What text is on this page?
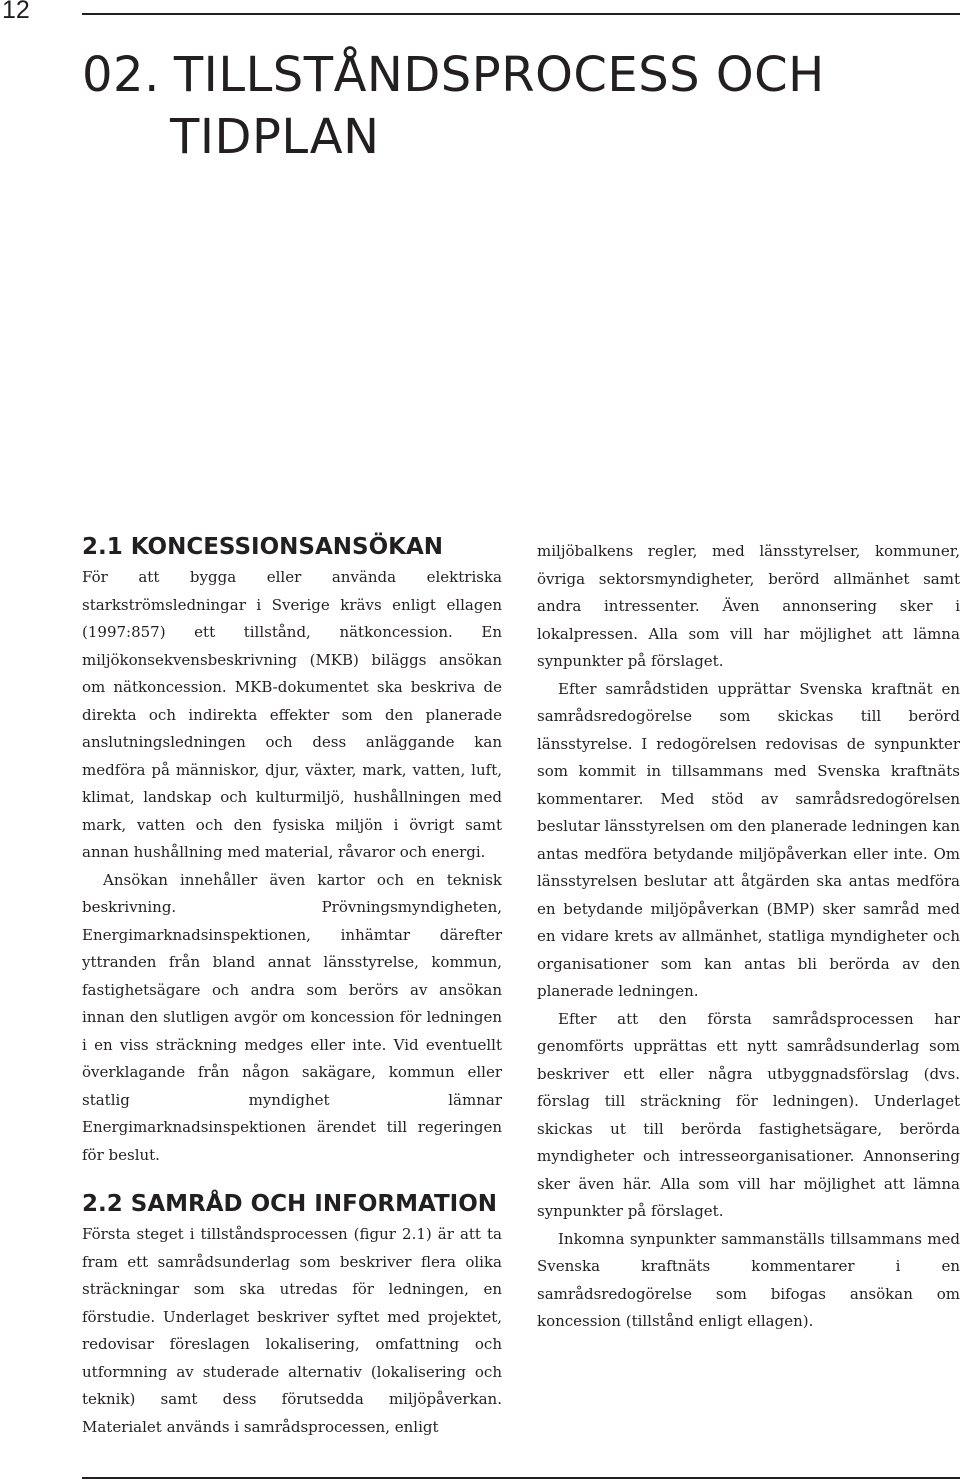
12
02. TILLSTÅNDSPROCESS OCH
TIDPLAN
2.1 KONCESSIONSANSÖKAN

För att bygga eller använda elektriska starkströmsledningar i Sverige krävs enligt ellagen (1997:857) ett tillstånd, nätkoncession. En miljökonsekvensbeskrivning (MKB) biläggs ansökan om nätkoncession. MKB-dokumentet ska beskriva de direkta och indirekta effekter som den planerade anslutningsledningen och dess anläggande kan medföra på människor, djur, växter, mark, vatten, luft, klimat, landskap och kulturmiljö, hushållningen med mark, vatten och den fysiska miljön i övrigt samt annan hushållning med material, råvaror och energi.

Ansökan innehåller även kartor och en teknisk beskrivning. Prövningsmyndigheten, Energimarknadsinspektionen, inhämtar därefter yttranden från bland annat länsstyrelse, kommun, fastighetsägare och andra som berörs av ansökan innan den slutligen avgör om koncession för ledningen i en viss sträckning medges eller inte. Vid eventuellt överklagande från någon sakägare, kommun eller statlig myndighet lämnar Energimarknadsinspektionen ärendet till regeringen för beslut.

2.2 SAMRÅD OCH INFORMATION

Första steget i tillståndsprocessen (figur 2.1) är att ta fram ett samrådsunderlag som beskriver flera olika sträckningar som ska utredas för ledningen, en förstudie. Underlaget beskriver syftet med projektet, redovisar föreslagen lokalisering, omfattning och utformning av studerade alternativ (lokalisering och teknik) samt dess förutsedda miljöpåverkan. Materialet används i samrådsprocessen, enligt

miljöbalkens regler, med länsstyrelser, kommuner, övriga sektorsmyndigheter, berörd allmänhet samt andra intressenter. Även annonsering sker i lokalpressen. Alla som vill har möjlighet att lämna synpunkter på förslaget.

Efter samrådstiden upprättar Svenska kraftnät en samrådsredogörelse som skickas till berörd länsstyrelse. I redogörelsen redovisas de synpunkter som kommit in tillsammans med Svenska kraftnäts kommentarer. Med stöd av samrådsredogörelsen beslutar länsstyrelsen om den planerade ledningen kan antas medföra betydande miljöpåverkan eller inte. Om länsstyrelsen beslutar att åtgärden ska antas medföra en betydande miljöpåverkan (BMP) sker samråd med en vidare krets av allmänhet, statliga myndigheter och organisationer som kan antas bli berörda av den planerade ledningen.

Efter att den första samrådsprocessen har genomförts upprättas ett nytt samrådsunderlag som beskriver ett eller några utbyggnadsförslag (dvs. förslag till sträckning för ledningen). Underlaget skickas ut till berörda fastighetsägare, berörda myndigheter och intresseorganisationer. Annonsering sker även här. Alla som vill har möjlighet att lämna synpunkter på förslaget.

Inkomna synpunkter sammanställs tillsammans med Svenska kraftnäts kommentarer i en samrådsredogörelse som bifogas ansökan om koncession (tillstånd enligt ellagen).
